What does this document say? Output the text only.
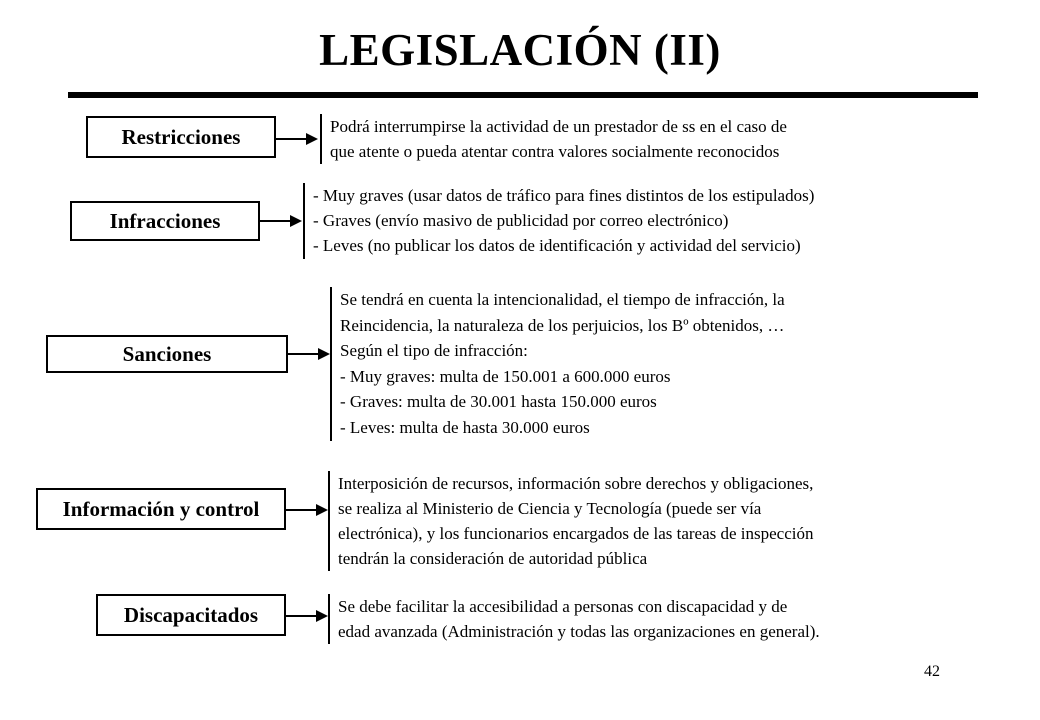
LEGISLACIÓN (II)
Restricciones	Podrá interrumpirse la actividad de un prestador de ss en el caso de
que atente o pueda atentar contra valores socialmente reconocidos
Infracciones
- Muy graves (usar datos de tráfico para fines distintos de los estipulados)
- Graves (envío masivo de publicidad por correo electrónico)
- Leves (no publicar los datos de identificación y actividad del servicio)
Sanciones
Se tendrá en cuenta la intencionalidad, el tiempo de infracción, la
Reincidencia, la naturaleza de los perjuicios, los Bº obtenidos, …
Según el tipo de infracción:
- Muy graves: multa de 150.001 a 600.000 euros
- Graves: multa de 30.001 hasta 150.000 euros
- Leves: multa de hasta 30.000 euros
Información y control
Interposición de recursos, información sobre derechos y obligaciones,
se realiza al Ministerio de Ciencia y Tecnología (puede ser vía
electrónica), y los funcionarios encargados de las tareas de inspección
tendrán la consideración de autoridad pública
Discapacitados	Se debe facilitar la accesibilidad a personas con discapacidad y de
edad avanzada (Administración y todas las organizaciones en general).
42
